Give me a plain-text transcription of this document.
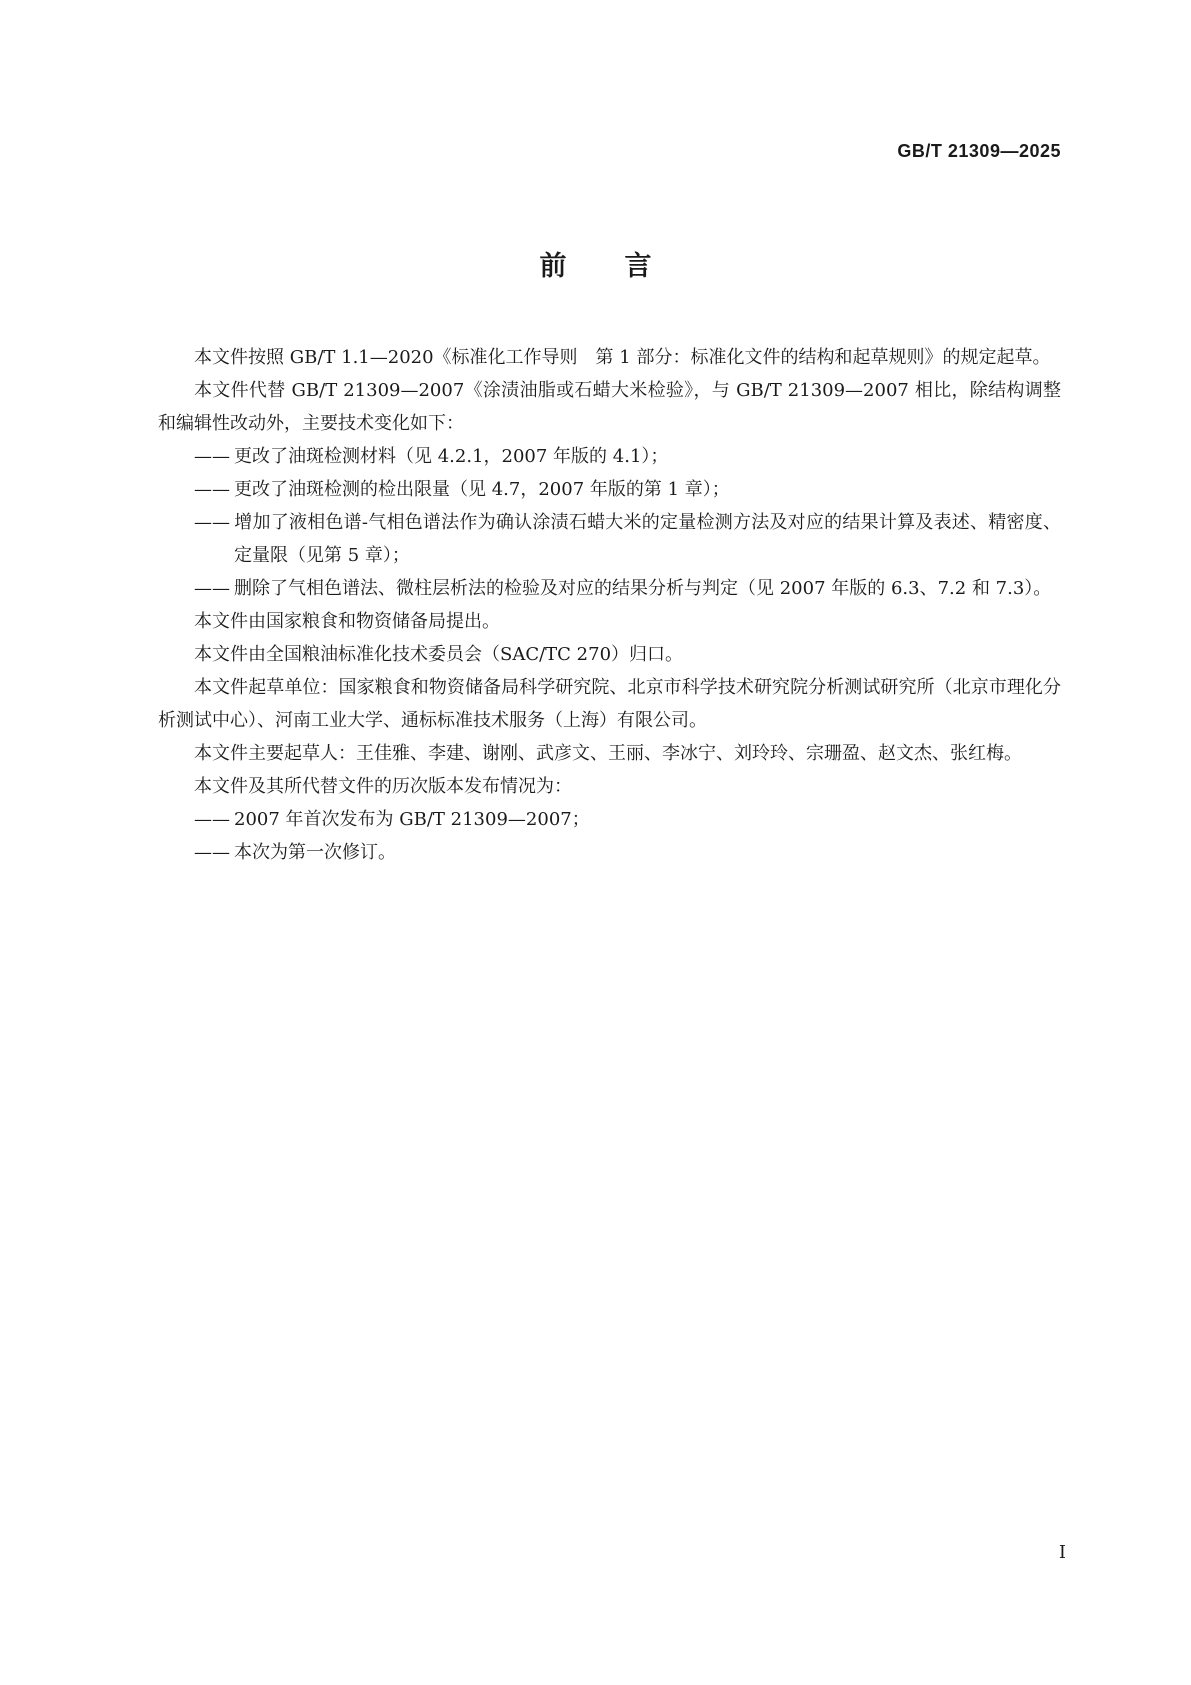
GB/T 21309—2025
前言

本文件按照 GB/T 1.1—2020《标准化工作导则　第 1 部分：标准化文件的结构和起草规则》的规定起草。

本文件代替 GB/T 21309—2007《涂渍油脂或石蜡大米检验》，与 GB/T 21309—2007 相比，除结构调整和编辑性改动外，主要技术变化如下：

—— 更改了油斑检测材料（见 4.2.1，2007 年版的 4.1）；

—— 更改了油斑检测的检出限量（见 4.7，2007 年版的第 1 章）；

—— 增加了液相色谱-气相色谱法作为确认涂渍石蜡大米的定量检测方法及对应的结果计算及表述、精密度、定量限（见第 5 章）；

—— 删除了气相色谱法、微柱层析法的检验及对应的结果分析与判定（见 2007 年版的 6.3、7.2 和 7.3）。

本文件由国家粮食和物资储备局提出。

本文件由全国粮油标准化技术委员会（SAC/TC 270）归口。

本文件起草单位：国家粮食和物资储备局科学研究院、北京市科学技术研究院分析测试研究所（北京市理化分析测试中心）、河南工业大学、通标标准技术服务（上海）有限公司。

本文件主要起草人：王佳雅、李建、谢刚、武彦文、王丽、李冰宁、刘玲玲、宗珊盈、赵文杰、张红梅。

本文件及其所代替文件的历次版本发布情况为：

—— 2007 年首次发布为 GB/T 21309—2007；

—— 本次为第一次修订。

I
